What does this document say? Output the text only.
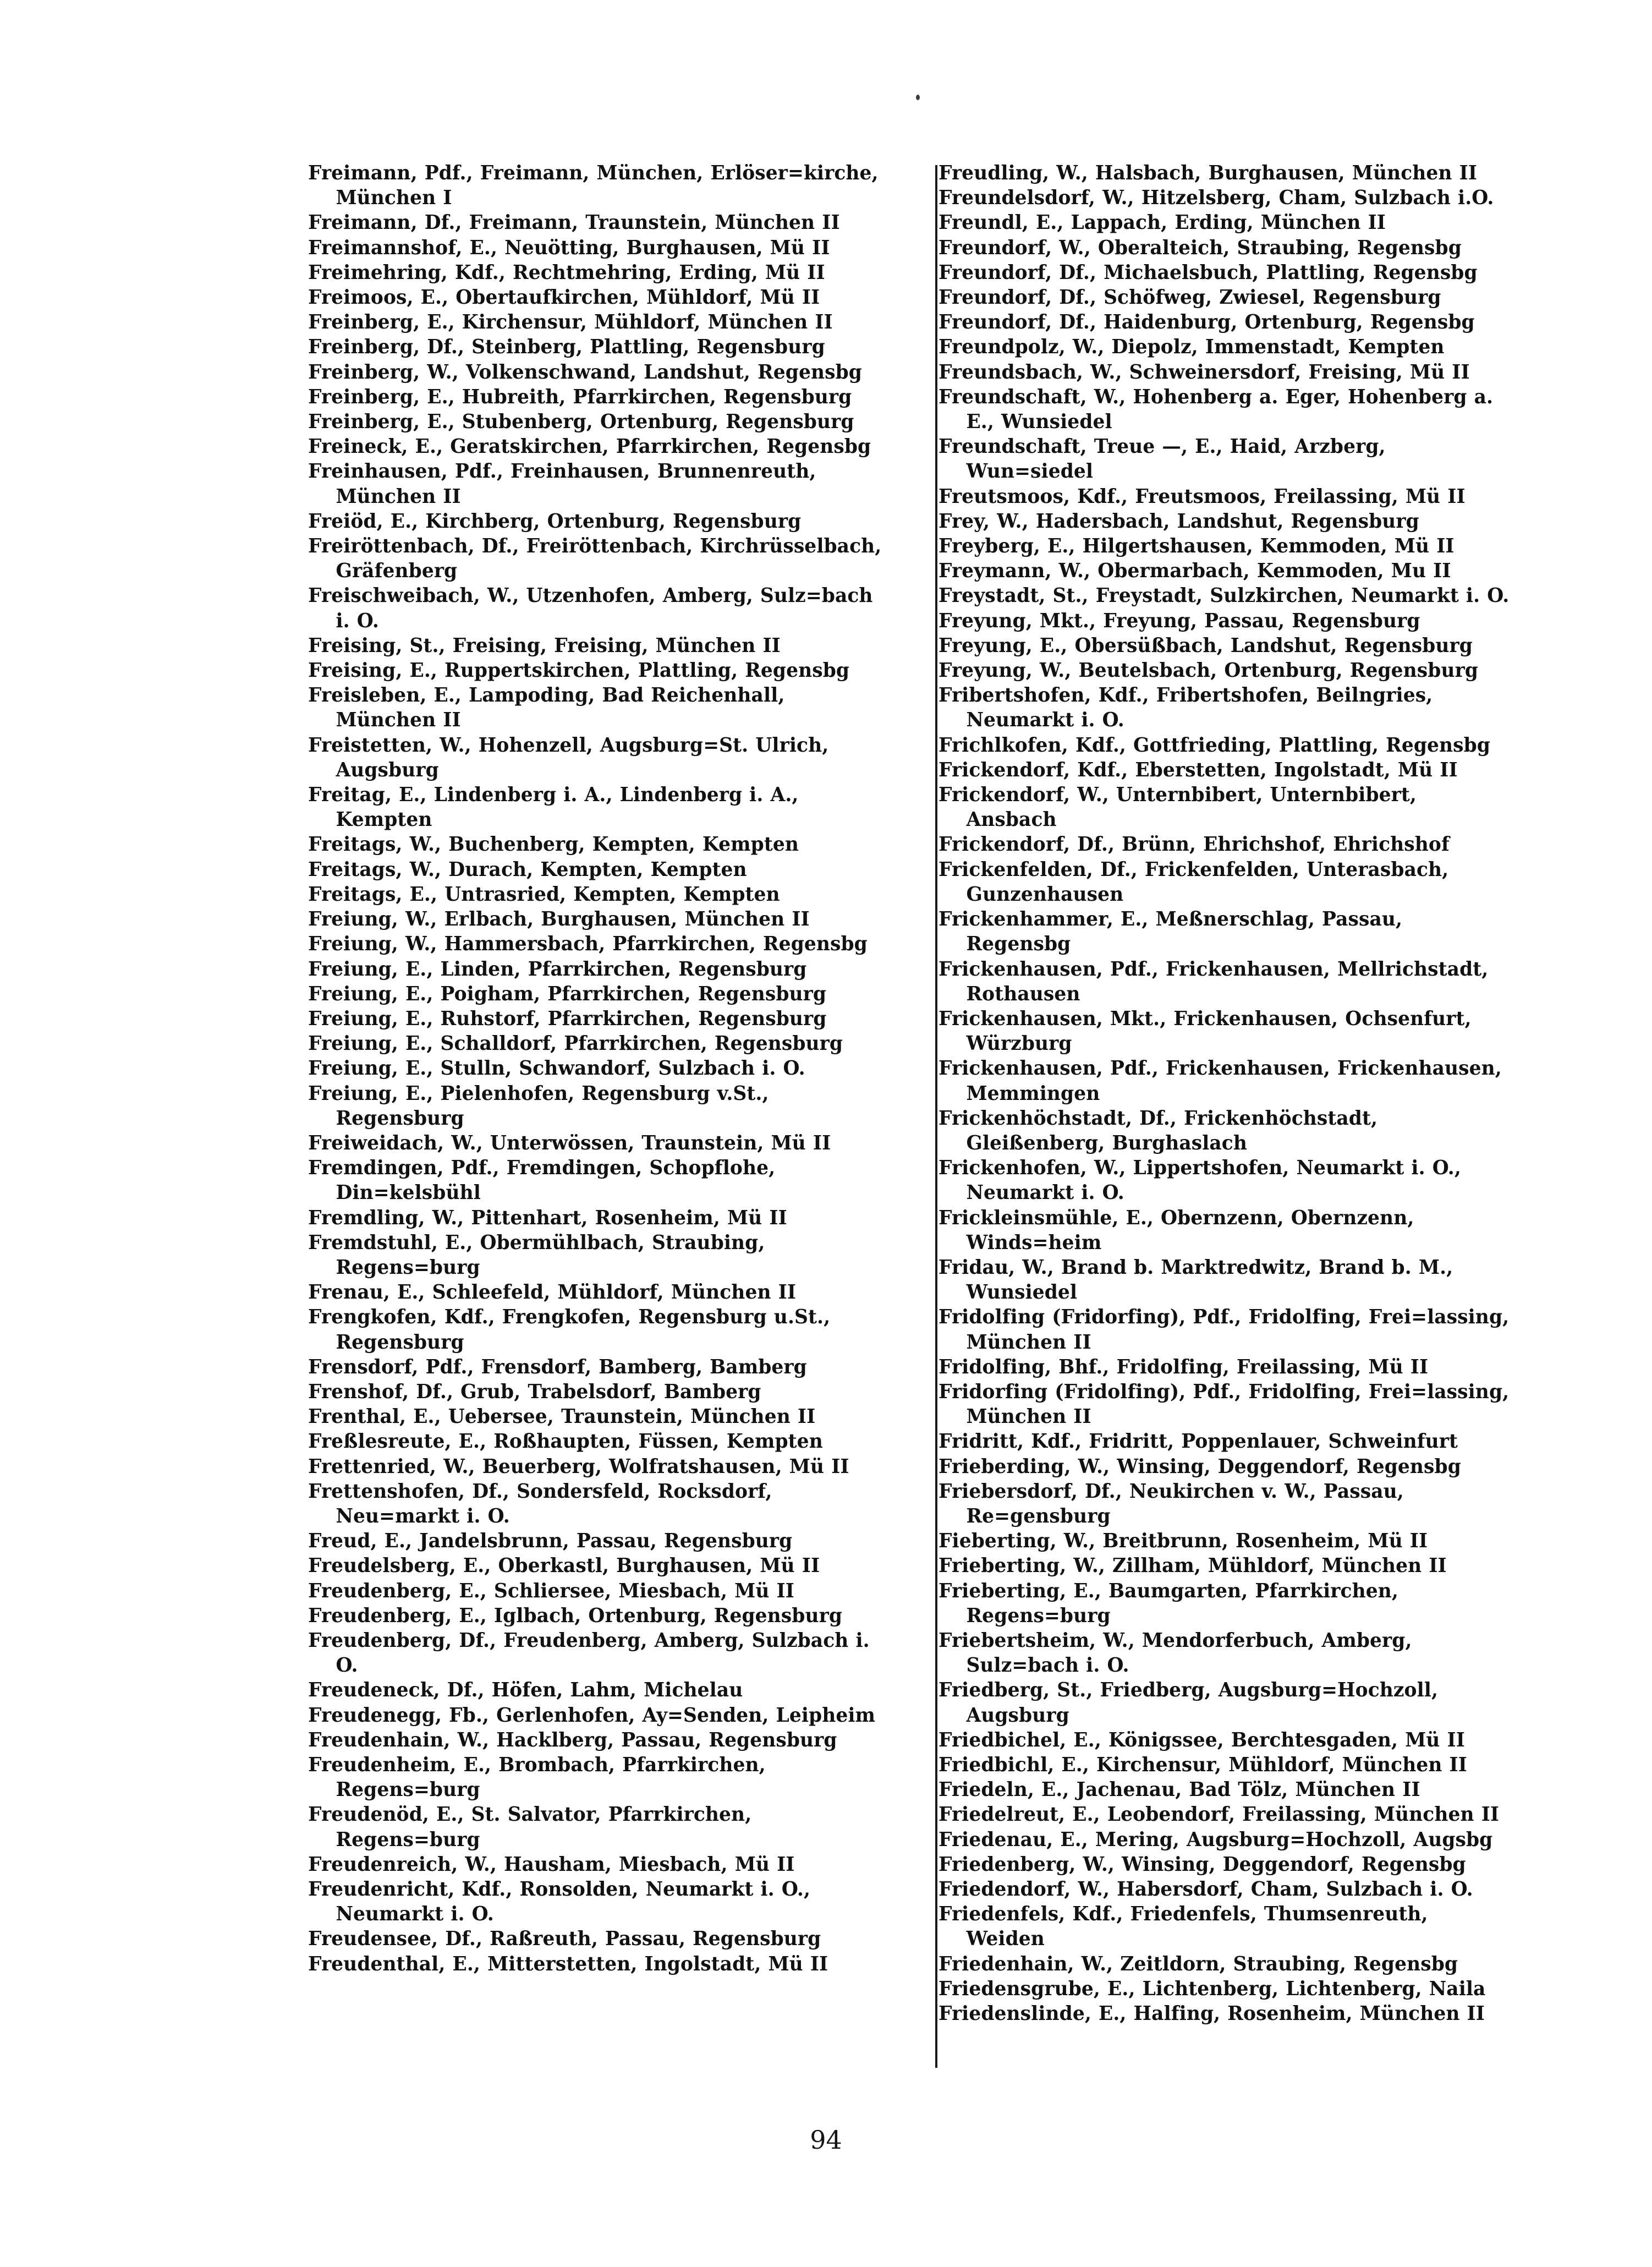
Freimann, Pdf., Freimann, München, Erlöser=kirche, München I

Freimann, Df., Freimann, Traunstein, München II

Freimannshof, E., Neuötting, Burghausen, Mü II

Freimehring, Kdf., Rechtmehring, Erding, Mü II

Freimoos, E., Obertaufkirchen, Mühldorf, Mü II

Freinberg, E., Kirchensur, Mühldorf, München II

Freinberg, Df., Steinberg, Plattling, Regensburg

Freinberg, W., Volkenschwand, Landshut, Regensbg

Freinberg, E., Hubreith, Pfarrkirchen, Regensburg

Freinberg, E., Stubenberg, Ortenburg, Regensburg

Freineck, E., Geratskirchen, Pfarrkirchen, Regensbg

Freinhausen, Pdf., Freinhausen, Brunnenreuth, München II

Freiöd, E., Kirchberg, Ortenburg, Regensburg

Freiröttenbach, Df., Freiröttenbach, Kirchrüsselbach, Gräfenberg

Freischweibach, W., Utzenhofen, Amberg, Sulz=bach i. O.

Freising, St., Freising, Freising, München II

Freising, E., Ruppertskirchen, Plattling, Regensbg

Freisleben, E., Lampoding, Bad Reichenhall, München II

Freistetten, W., Hohenzell, Augsburg=St. Ulrich, Augsburg

Freitag, E., Lindenberg i. A., Lindenberg i. A., Kempten

Freitags, W., Buchenberg, Kempten, Kempten

Freitags, W., Durach, Kempten, Kempten

Freitags, E., Untrasried, Kempten, Kempten

Freiung, W., Erlbach, Burghausen, München II

Freiung, W., Hammersbach, Pfarrkirchen, Regensbg

Freiung, E., Linden, Pfarrkirchen, Regensburg

Freiung, E., Poigham, Pfarrkirchen, Regensburg

Freiung, E., Ruhstorf, Pfarrkirchen, Regensburg

Freiung, E., Schalldorf, Pfarrkirchen, Regensburg

Freiung, E., Stulln, Schwandorf, Sulzbach i. O.

Freiung, E., Pielenhofen, Regensburg v.St., Regensburg

Freiweidach, W., Unterwössen, Traunstein, Mü II

Fremdingen, Pdf., Fremdingen, Schopflohe, Din=kelsbühl

Fremdling, W., Pittenhart, Rosenheim, Mü II

Fremdstuhl, E., Obermühlbach, Straubing, Regens=burg

Frenau, E., Schleefeld, Mühldorf, München II

Frengkofen, Kdf., Frengkofen, Regensburg u.St., Regensburg

Frensdorf, Pdf., Frensdorf, Bamberg, Bamberg

Frenshof, Df., Grub, Trabelsdorf, Bamberg

Frenthal, E., Uebersee, Traunstein, München II

Freßlesreute, E., Roßhaupten, Füssen, Kempten

Frettenried, W., Beuerberg, Wolfratshausen, Mü II

Frettenshofen, Df., Sondersfeld, Rocksdorf, Neu=markt i. O.

Freud, E., Jandelsbrunn, Passau, Regensburg

Freudelsberg, E., Oberkastl, Burghausen, Mü II

Freudenberg, E., Schliersee, Miesbach, Mü II

Freudenberg, E., Iglbach, Ortenburg, Regensburg

Freudenberg, Df., Freudenberg, Amberg, Sulzbach i. O.

Freudeneck, Df., Höfen, Lahm, Michelau

Freudenegg, Fb., Gerlenhofen, Ay=Senden, Leipheim

Freudenhain, W., Hacklberg, Passau, Regensburg

Freudenheim, E., Brombach, Pfarrkirchen, Regens=burg

Freudenöd, E., St. Salvator, Pfarrkirchen, Regens=burg

Freudenreich, W., Hausham, Miesbach, Mü II

Freudenricht, Kdf., Ronsolden, Neumarkt i. O., Neumarkt i. O.

Freudensee, Df., Raßreuth, Passau, Regensburg

Freudenthal, E., Mitterstetten, Ingolstadt, Mü II

Freudling, W., Halsbach, Burghausen, München II

Freundelsdorf, W., Hitzelsberg, Cham, Sulzbach i.O.

Freundl, E., Lappach, Erding, München II

Freundorf, W., Oberalteich, Straubing, Regensbg

Freundorf, Df., Michaelsbuch, Plattling, Regensbg

Freundorf, Df., Schöfweg, Zwiesel, Regensburg

Freundorf, Df., Haidenburg, Ortenburg, Regensbg

Freundpolz, W., Diepolz, Immenstadt, Kempten

Freundsbach, W., Schweinersdorf, Freising, Mü II

Freundschaft, W., Hohenberg a. Eger, Hohenberg a. E., Wunsiedel

Freundschaft, Treue —, E., Haid, Arzberg, Wun=siedel

Freutsmoos, Kdf., Freutsmoos, Freilassing, Mü II

Frey, W., Hadersbach, Landshut, Regensburg

Freyberg, E., Hilgertshausen, Kemmoden, Mü II

Freymann, W., Obermarbach, Kemmoden, Mu II

Freystadt, St., Freystadt, Sulzkirchen, Neumarkt i. O.

Freyung, Mkt., Freyung, Passau, Regensburg

Freyung, E., Obersüßbach, Landshut, Regensburg

Freyung, W., Beutelsbach, Ortenburg, Regensburg

Fribertshofen, Kdf., Fribertshofen, Beilngries, Neumarkt i. O.

Frichlkofen, Kdf., Gottfrieding, Plattling, Regensbg

Frickendorf, Kdf., Eberstetten, Ingolstadt, Mü II

Frickendorf, W., Unternbibert, Unternbibert, Ansbach

Frickendorf, Df., Brünn, Ehrichshof, Ehrichshof

Frickenfelden, Df., Frickenfelden, Unterasbach, Gunzenhausen

Frickenhammer, E., Meßnerschlag, Passau, Regensbg

Frickenhausen, Pdf., Frickenhausen, Mellrichstadt, Rothausen

Frickenhausen, Mkt., Frickenhausen, Ochsenfurt, Würzburg

Frickenhausen, Pdf., Frickenhausen, Frickenhausen, Memmingen

Frickenhöchstadt, Df., Frickenhöchstadt, Gleißenberg, Burghaslach

Frickenhofen, W., Lippertshofen, Neumarkt i. O., Neumarkt i. O.

Frickleinsmühle, E., Obernzenn, Obernzenn, Winds=heim

Fridau, W., Brand b. Marktredwitz, Brand b. M., Wunsiedel

Fridolfing (Fridorfing), Pdf., Fridolfing, Frei=lassing, München II

Fridolfing, Bhf., Fridolfing, Freilassing, Mü II

Fridorfing (Fridolfing), Pdf., Fridolfing, Frei=lassing, München II

Fridritt, Kdf., Fridritt, Poppenlauer, Schweinfurt

Frieberding, W., Winsing, Deggendorf, Regensbg

Friebersdorf, Df., Neukirchen v. W., Passau, Re=gensburg

Fieberting, W., Breitbrunn, Rosenheim, Mü II

Frieberting, W., Zillham, Mühldorf, München II

Frieberting, E., Baumgarten, Pfarrkirchen, Regens=burg

Friebertsheim, W., Mendorferbuch, Amberg, Sulz=bach i. O.

Friedberg, St., Friedberg, Augsburg=Hochzoll, Augsburg

Friedbichel, E., Königssee, Berchtesgaden, Mü II

Friedbichl, E., Kirchensur, Mühldorf, München II

Friedeln, E., Jachenau, Bad Tölz, München II

Friedelreut, E., Leobendorf, Freilassing, München II

Friedenau, E., Mering, Augsburg=Hochzoll, Augsbg

Friedenberg, W., Winsing, Deggendorf, Regensbg

Friedendorf, W., Habersdorf, Cham, Sulzbach i. O.

Friedenfels, Kdf., Friedenfels, Thumsenreuth, Weiden

Friedenhain, W., Zeitldorn, Straubing, Regensbg

Friedensgrube, E., Lichtenberg, Lichtenberg, Naila

Friedenslinde, E., Halfing, Rosenheim, München II

94
